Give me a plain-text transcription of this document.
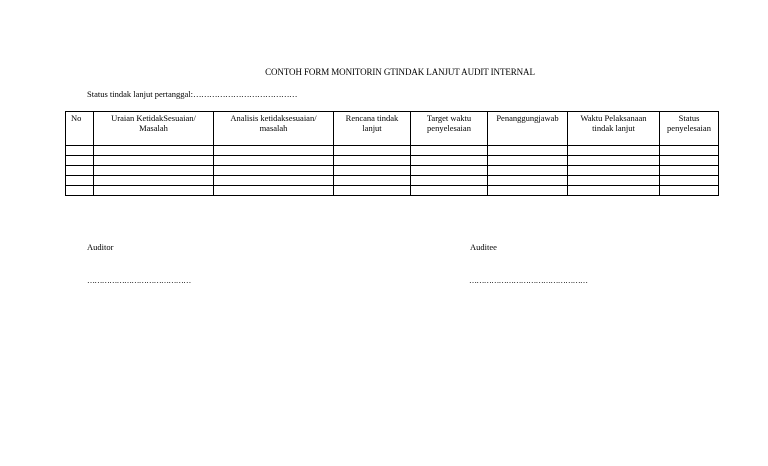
CONTOH FORM MONITORIN GTINDAK LANJUT AUDIT INTERNAL
Status tindak lanjut pertanggal:…………………………………
No	Uraian KetidakSesuaian/ Masalah	Analisis ketidaksesuaian/ masalah	Rencana tindak lanjut	Target waktu penyelesaian	Penanggungjawab	Waktu Pelaksanaan tindak lanjut	Status penyelesaian

Auditor
……………………………………
Auditee
…………………………………………
